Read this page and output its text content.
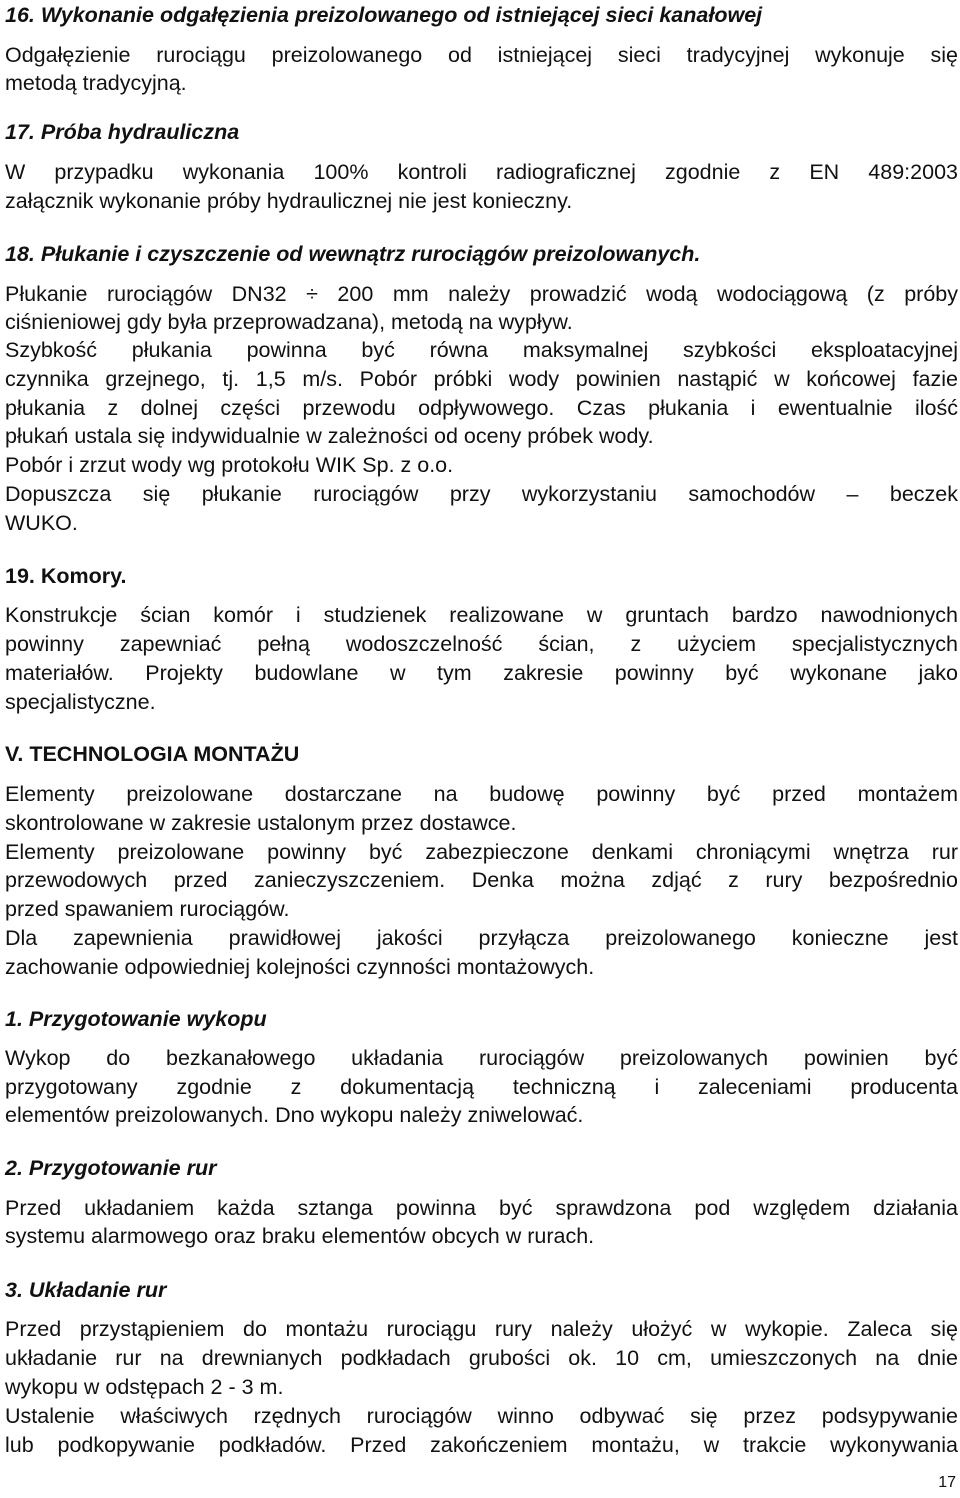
16. Wykonanie odgałęzienia preizolowanego od istniejącej sieci kanałowej
Odgałęzienie rurociągu preizolowanego od istniejącej sieci tradycyjnej wykonuje się
metodą tradycyjną.
17. Próba hydrauliczna
W przypadku wykonania 100% kontroli radiograficznej zgodnie z EN 489:2003
załącznik wykonanie próby hydraulicznej nie jest konieczny.
18. Płukanie i czyszczenie od wewnątrz rurociągów preizolowanych.
Płukanie rurociągów DN32 ÷ 200 mm należy prowadzić wodą wodociągową (z próby
ciśnieniowej gdy była przeprowadzana), metodą na wypływ.
Szybkość płukania powinna być równa maksymalnej szybkości eksploatacyjnej
czynnika grzejnego, tj. 1,5 m/s. Pobór próbki wody powinien nastąpić w końcowej fazie
płukania z dolnej części przewodu odpływowego. Czas płukania i ewentualnie ilość
płukań ustala się indywidualnie w zależności od oceny próbek wody.
Pobór i zrzut wody wg protokołu WIK Sp. z o.o.
Dopuszcza się płukanie rurociągów przy wykorzystaniu samochodów – beczek
WUKO.
19. Komory.
Konstrukcje ścian komór i studzienek realizowane w gruntach bardzo nawodnionych
powinny zapewniać pełną wodoszczelność ścian, z użyciem specjalistycznych
materiałów. Projekty budowlane w tym zakresie powinny być wykonane jako
specjalistyczne.
V. TECHNOLOGIA MONTAŻU
Elementy preizolowane dostarczane na budowę powinny być przed montażem
skontrolowane w zakresie ustalonym przez dostawce.
Elementy preizolowane powinny być zabezpieczone denkami chroniącymi wnętrza rur
przewodowych przed zanieczyszczeniem. Denka można zdjąć z rury bezpośrednio
przed spawaniem rurociągów.
Dla zapewnienia prawidłowej jakości przyłącza preizolowanego konieczne jest
zachowanie odpowiedniej kolejności czynności montażowych.
1. Przygotowanie wykopu
Wykop do bezkanałowego układania rurociągów preizolowanych powinien być
przygotowany zgodnie z dokumentacją techniczną i zaleceniami producenta
elementów preizolowanych. Dno wykopu należy zniwelować.
2. Przygotowanie rur
Przed układaniem każda sztanga powinna być sprawdzona pod względem działania
systemu alarmowego oraz braku elementów obcych w rurach.
3. Układanie rur
Przed przystąpieniem do montażu rurociągu rury należy ułożyć w wykopie. Zaleca się
układanie rur na drewnianych podkładach grubości ok. 10 cm, umieszczonych na dnie
wykopu w odstępach 2 - 3 m.
Ustalenie właściwych rzędnych rurociągów winno odbywać się przez podsypywanie
lub podkopywanie podkładów. Przed zakończeniem montażu, w trakcie wykonywania
17
